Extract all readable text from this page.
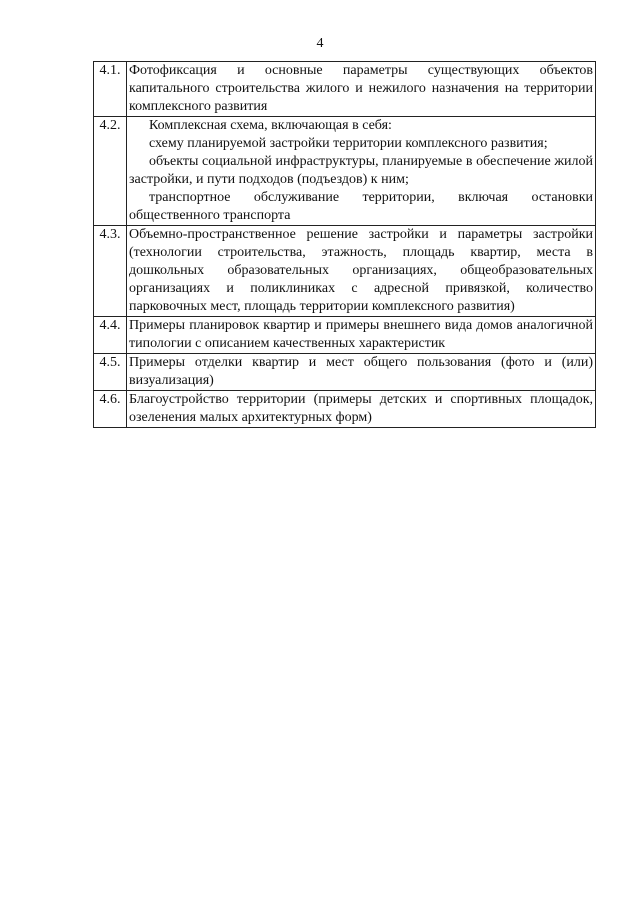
4
4.1.	Фотофиксация и основные параметры существующих объектов капитального строительства жилого и нежилого назначения на территории комплексного развития

4.2.	Комплексная схема, включающая в себя:
схему планируемой застройки территории комплексного развития;
объекты социальной инфраструктуры, планируемые в обеспечение жилой застройки, и пути подходов (подъездов) к ним;
транспортное обслуживание территории, включая остановки общественного транспорта

4.3.	Объемно-пространственное решение застройки и параметры застройки (технологии строительства, этажность, площадь квартир, места в дошкольных образовательных организациях, общеобразовательных организациях и поликлиниках с адресной привязкой, количество парковочных мест, площадь территории комплексного развития)

4.4.	Примеры планировок квартир и примеры внешнего вида домов аналогичной типологии с описанием качественных характеристик

4.5.	Примеры отделки квартир и мест общего пользования (фото и (или) визуализация)

4.6.	Благоустройство территории (примеры детских и спортивных площадок, озеленения малых архитектурных форм)
